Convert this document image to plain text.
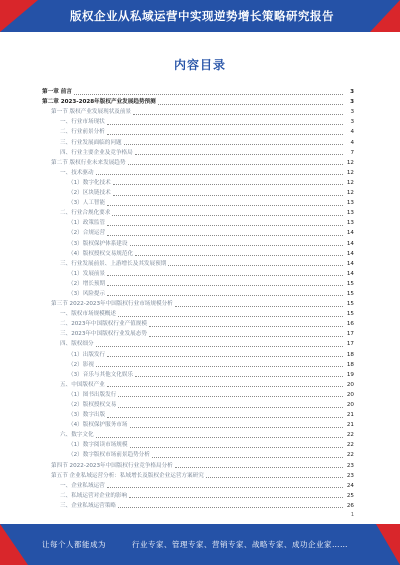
版权企业从私域运营中实现逆势增长策略研究报告
内容目录
第一章 前言	3
第二章 2023-2028年版权产业发展趋势预测	3
第一节 版权产业发展现状及前景	3
一、行业市场现状	3
二、行业前景分析	4
三、行业发展面临的问题	4
四、行业主要企业及竞争格局	7
第二节 版权行业未来发展趋势	12
一、技术驱动	12
（1）数字化技术	12
（2）区块链技术	12
（3）人工智能	13
二、行业合规化要求	13
（1）政策监管	13
（2）合规运营	14
（3）版权保护体系建设	14
（4）版权授权交易规范化	14
三、行业发展前景、上游增长及其发展预期	14
（1）发展前景	14
（2）增长预期	15
（3）风险提示	15
第三节 2022-2023年中国版权行业市场规模分析	15
一、版权市场规模概述	15
二、2023年中国版权行业产值规模	16
三、2023年中国版权行业发展态势	17
四、版权细分	17
（1）出版发行	18
（2）影视	18
（3）音乐与其他文化娱乐	19
五、中国版权产业	20
（1）图书出版发行	20
（2）版权授权交易	20
（3）数字出版	21
（4）版权保护服务市场	21
六、数字文化	22
（1）数字阅读市场规模	22
（2）数字版权市场前景趋势分析	22
第四节 2022-2023年中国版权行业竞争格局分析	23
第五节 企业私域运营分析：私域增长及版权企业运营方案研究	23
一、企业私域运营	24
二、私域运营对企业的影响	25
三、企业私域运营策略	26
1
让每个人都能成为	行业专家、管理专家、营销专家、战略专家、成功企业家……
